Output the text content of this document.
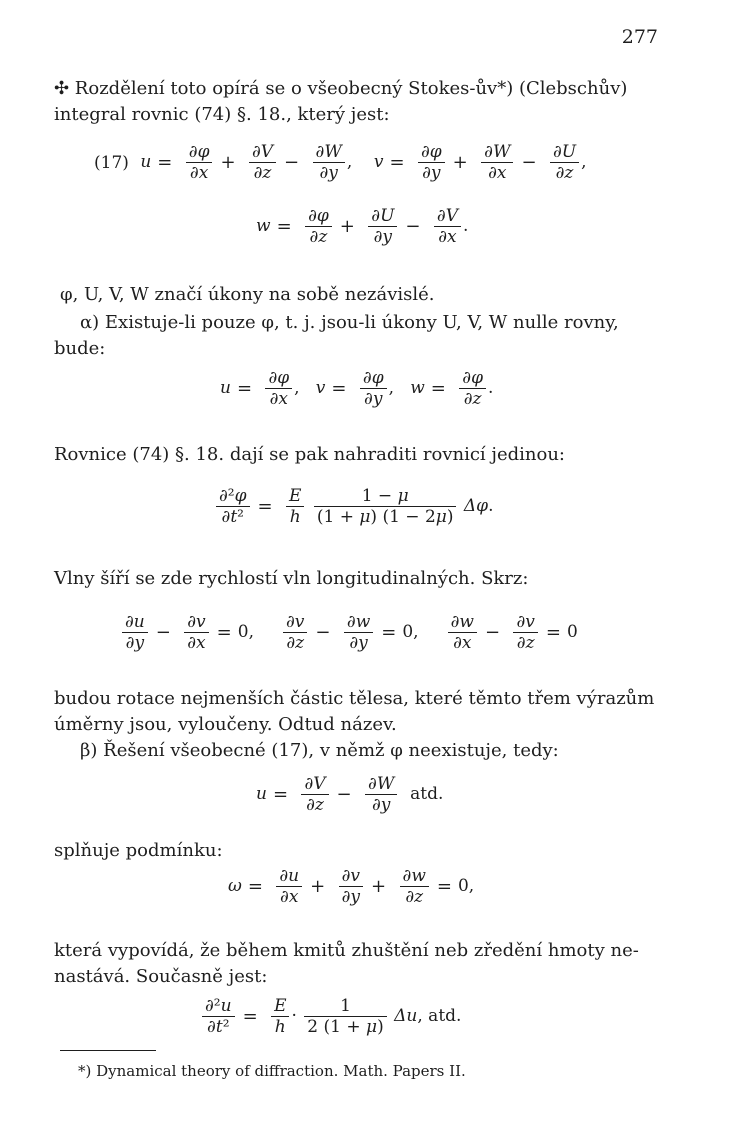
277
✣ Rozdělení toto opírá se o všeobecný Stokes-ův*) (Clebschův)
integral rovnic (74) §. 18., který jest:
(17) $u = \frac{\partial\varphi}{\partial x} + \frac{\partial V}{\partial z} - \frac{\partial W}{\partial y}$ ,    $v = \frac{\partial\varphi}{\partial y} + \frac{\partial W}{\partial x} - \frac{\partial U}{\partial z}$ ,
$w = \frac{\partial\varphi}{\partial z} + \frac{\partial U}{\partial y} - \frac{\partial V}{\partial x}$ .
φ, U, V, W značí úkony na sobě nezávislé.
α) Existuje-li pouze φ, t. j. jsou-li úkony U, V, W nulle rovny,
bude:
$u = \frac{\partial\varphi}{\partial x}$ ,   $v = \frac{\partial\varphi}{\partial y}$ ,   $w = \frac{\partial\varphi}{\partial z}$ .
Rovnice (74) §. 18. dají se pak nahraditi rovnicí jedinou:
$\frac{\text{∂²φ}}{\text{∂t²}} = \frac{E}{h}$
$\frac{1 - \mu}{(1 + \mu) (1 - 2\mu)} \Delta\varphi$.
Vlny šíří se zde rychlostí vln longitudinalných. Skrz:
$\frac{\partial u}{\partial y} - \frac{\partial v}{\partial x} = 0$, $\frac{\partial v}{\partial z} - \frac{\partial w}{\partial y} = 0$, $\frac{\partial w}{\partial x} - \frac{\partial v}{\partial z} = 0$
budou rotace nejmenších částic tělesa, které těmto třem výrazům
úměrny jsou, vyloučeny. Odtud název.
β) Řešení všeobecné (17), v němž φ neexistuje, tedy:
$u = \frac{\partial V}{\partial z} - \frac{\partial W}{\partial y}$ atd.
splňuje podmínku:
$\omega = \frac{\partial u}{\partial x} + \frac{\partial v}{\partial y} + \frac{\partial w}{\partial z} = 0$,
která vypovídá, že během kmitů zhuštění neb zředění hmoty ne-
nastává. Současně jest:
$\frac{\text{∂²u}}{\text{∂t²}} = \frac{E}{h} \cdot \frac{1}{2 (1 + \mu)} \Delta u$, atd.
*) Dynamical theory of diffraction. Math. Papers II.
